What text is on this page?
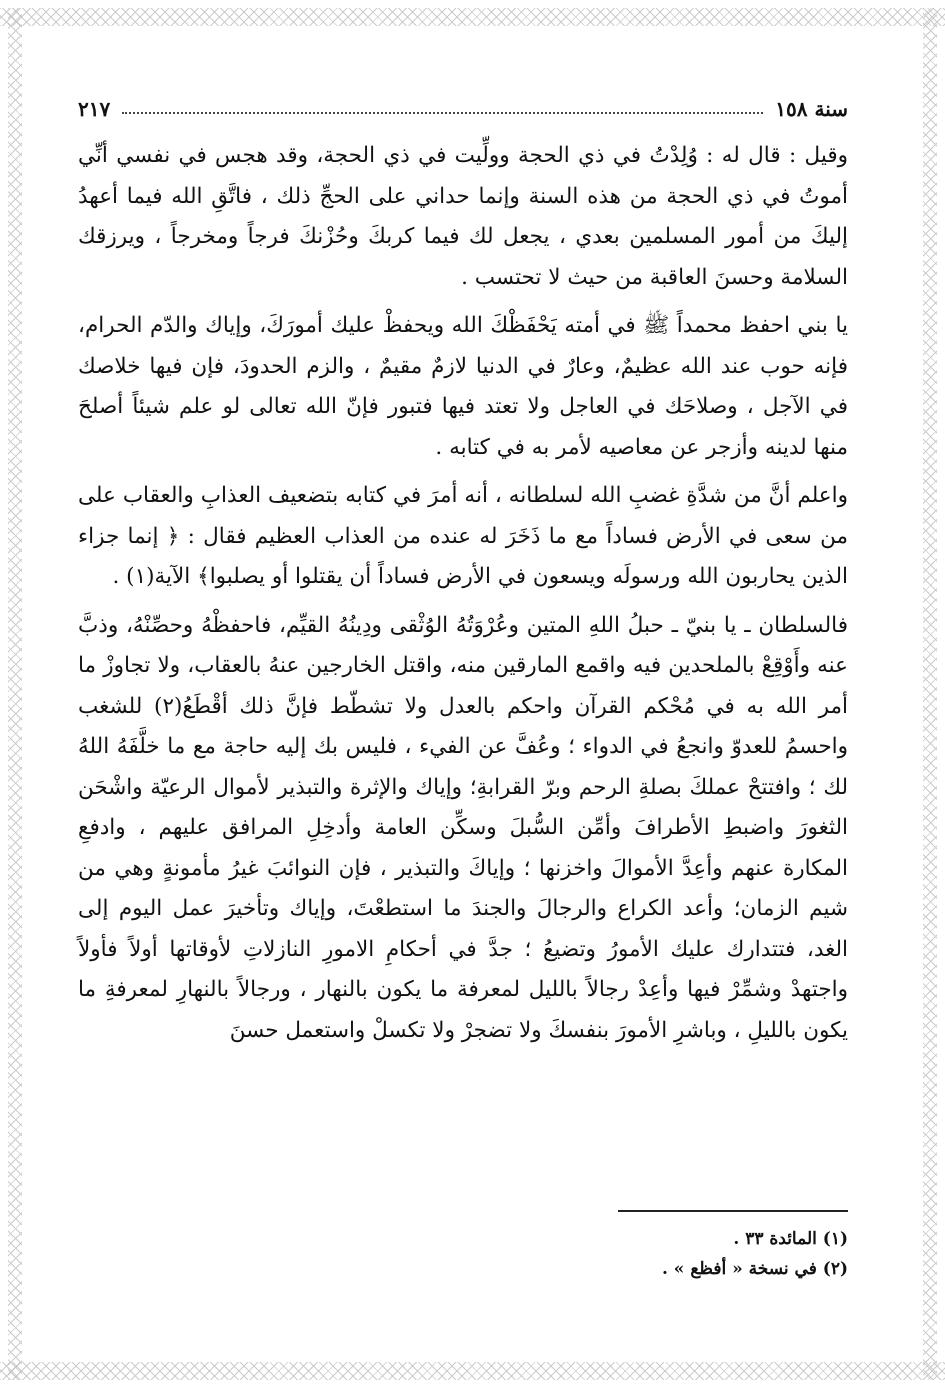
سنة ١٥٨
٢١٧

وقيل : قال له : وُلِدْتُ في ذي الحجة وولِّيت في ذي الحجة، وقد هجس في نفسي أنِّي أموتُ في ذي الحجة من هذه السنة وإنما حداني على الحجِّ ذلك ، فاتَّقِ الله فيما أعهدُ إليكَ من أمور المسلمين بعدي ، يجعل لك فيما كربكَ وحُزْنكَ فرجاً ومخرجاً ، ويرزقك السلامة وحسنَ العاقبة من حيث لا تحتسب .

يا بني احفظ محمداً ﷺ في أمته يَحْفَظْكَ الله ويحفظْ عليك أمورَكَ، وإياك والدّم الحرام، فإنه حوب عند الله عظيمٌ، وعارٌ في الدنيا لازمٌ مقيمٌ ، والزم الحدودَ، فإن فيها خلاصك في الآجل ، وصلاحَك في العاجل ولا تعتد فيها فتبور فإنّ الله تعالى لو علم شيئاً أصلحَ منها لدينه وأزجر عن معاصيه لأمر به في كتابه .

واعلم أنَّ من شدَّةِ غضبِ الله لسلطانه ، أنه أمرَ في كتابه بتضعيف العذابِ والعقاب على من سعى في الأرض فساداً مع ما ذَخَرَ له عنده من العذاب العظيم فقال : ﴿ إنما جزاء الذين يحاربون الله ورسولَه ويسعون في الأرض فساداً أن يقتلوا أو يصلبوا﴾ الآية(١) .

فالسلطان ـ يا بنيّ ـ حبلُ اللهِ المتين وعُرْوَتُهُ الوُثْقى ودِينُهُ القيِّم، فاحفظْهُ وحصِّنْهُ، وذبَّ عنه وأَوْقِعْ بالملحدين فيه واقمع المارقين منه، واقتل الخارجين عنهُ بالعقاب، ولا تجاوزْ ما أمر الله به في مُحْكم القرآن واحكم بالعدل ولا تشطّط فإنَّ ذلك أقْطَعُ(٢) للشغب واحسمُ للعدوّ وانجعُ في الدواء ؛ وعُفَّ عن الفيء ، فليس بك إليه حاجة مع ما خلَّفَهُ اللهُ لك ؛ وافتتحْ عملكَ بصلةِ الرحم وبرّ القرابةِ؛ وإياك والإثرة والتبذير لأموال الرعيّة واشْحَن الثغورَ واضبطِ الأطرافَ وأمِّن السُّبلَ وسكِّن العامة وأدخِلِ المرافق عليهم ، وادفعِ المكارة عنهم وأعِدَّ الأموالَ واخزنها ؛ وإياكَ والتبذير ، فإن النوائبَ غيرُ مأمونةٍ وهي من شيم الزمان؛ وأعد الكراع والرجالَ والجندَ ما استطعْتَ، وإياك وتأخيرَ عمل اليوم إلى الغد، فتتدارك عليك الأمورُ وتضيعُ ؛ جدَّ في أحكامِ الامورِ النازلاتِ لأوقاتها أولاً فأولاً واجتهدْ وشمِّرْ فيها وأعِدْ رجالاً بالليل لمعرفة ما يكون بالنهار ، ورجالاً بالنهارِ لمعرفةِ ما يكون بالليلِ ، وباشرِ الأمورَ بنفسكَ ولا تضجرْ ولا تكسلْ واستعمل حسنَ

(١) المائدة ٣٣ .

(٢) في نسخة « أفظع » .
